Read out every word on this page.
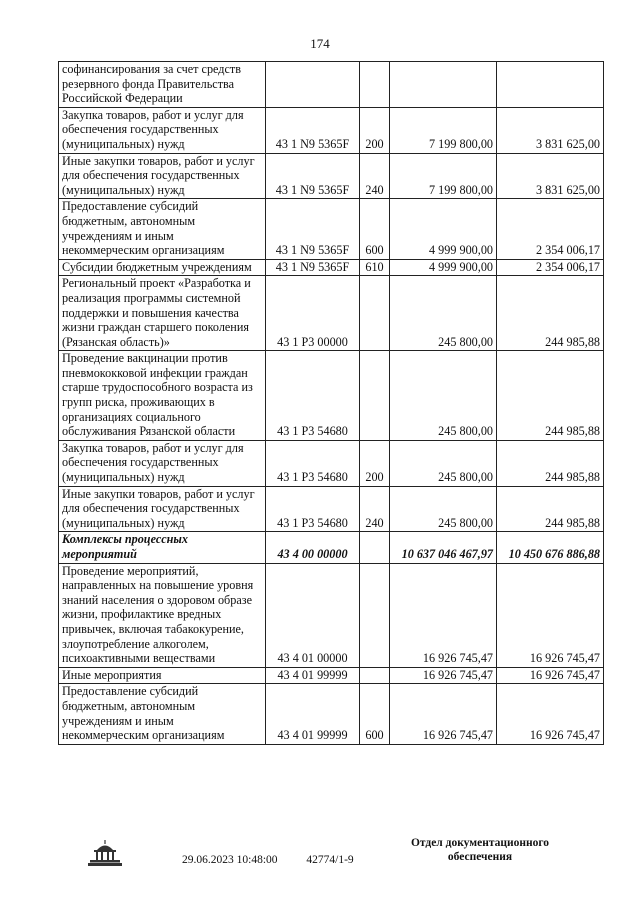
174
софинансирования за счет средств резервного фонда Правительства Российской Федерации				
Закупка товаров, работ и услуг для обеспечения государственных (муниципальных) нужд	43 1 N9 5365F	200	7 199 800,00	3 831 625,00
Иные закупки товаров, работ и услуг для обеспечения государственных (муниципальных) нужд	43 1 N9 5365F	240	7 199 800,00	3 831 625,00
Предоставление субсидий бюджетным, автономным учреждениям и иным некоммерческим организациям	43 1 N9 5365F	600	4 999 900,00	2 354 006,17
Субсидии бюджетным учреждениям	43 1 N9 5365F	610	4 999 900,00	2 354 006,17
Региональный проект «Разработка и реализация программы системной поддержки и повышения качества жизни граждан старшего поколения (Рязанская область)»	43 1 P3 00000		245 800,00	244 985,88
Проведение вакцинации против пневмококковой инфекции граждан старше трудоспособного возраста из групп риска, проживающих в организациях социального обслуживания Рязанской области	43 1 P3 54680		245 800,00	244 985,88
Закупка товаров, работ и услуг для обеспечения государственных (муниципальных) нужд	43 1 P3 54680	200	245 800,00	244 985,88
Иные закупки товаров, работ и услуг для обеспечения государственных (муниципальных) нужд	43 1 P3 54680	240	245 800,00	244 985,88
Комплексы процессных мероприятий	43 4 00 00000		10 637 046 467,97	10 450 676 886,88
Проведение мероприятий, направленных на повышение уровня знаний населения о здоровом образе жизни, профилактике вредных привычек, включая табакокурение, злоупотребление алкоголем, психоактивными веществами	43 4 01 00000		16 926 745,47	16 926 745,47
Иные мероприятия	43 4 01 99999		16 926 745,47	16 926 745,47
Предоставление субсидий бюджетным, автономным учреждениям и иным некоммерческим организациям	43 4 01 99999	600	16 926 745,47	16 926 745,47
29.06.2023 10:48:00	42774/1-9
Отдел документационного
обеспечения
